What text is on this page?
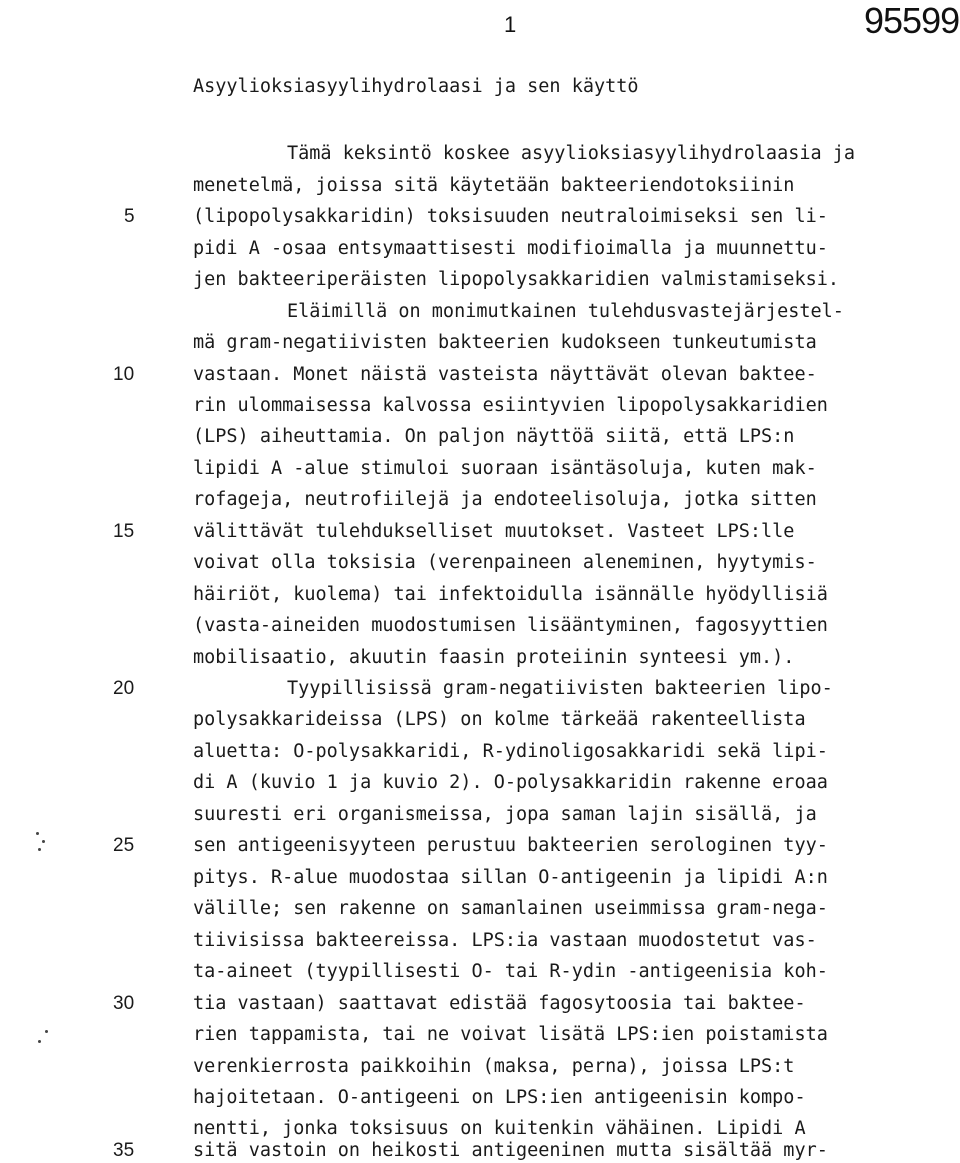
1	95599
Asyylioksiasyylihydrolaasi ja sen käyttö
Tämä keksintö koskee asyylioksiasyylihydrolaasia ja
menetelmä, joissa sitä käytetään bakteeriendotoksiinin
(lipopolysakkaridin) toksisuuden neutraloimiseksi sen li-
pidi A -osaa entsymaattisesti modifioimalla ja muunnettu-
jen bakteeriperäisten lipopolysakkaridien valmistamiseksi.
Eläimillä on monimutkainen tulehdusvastejärjestel-
mä gram-negatiivisten bakteerien kudokseen tunkeutumista
vastaan. Monet näistä vasteista näyttävät olevan baktee-
rin ulommaisessa kalvossa esiintyvien lipopolysakkaridien
(LPS) aiheuttamia. On paljon näyttöä siitä, että LPS:n
lipidi A -alue stimuloi suoraan isäntäsoluja, kuten mak-
rofageja, neutrofiilejä ja endoteelisoluja, jotka sitten
välittävät tulehdukselliset muutokset. Vasteet LPS:lle
voivat olla toksisia (verenpaineen aleneminen, hyytymis-
häiriöt, kuolema) tai infektoidulla isännälle hyödyllisiä
(vasta-aineiden muodostumisen lisääntyminen, fagosyyttien
mobilisaatio, akuutin faasin proteiinin synteesi ym.).
Tyypillisissä gram-negatiivisten bakteerien lipo-
polysakkarideissa (LPS) on kolme tärkeää rakenteellista
aluetta: O-polysakkaridi, R-ydinoligosakkaridi sekä lipi-
di A (kuvio 1 ja kuvio 2). O-polysakkaridin rakenne eroaa
suuresti eri organismeissa, jopa saman lajin sisällä, ja
sen antigeenisyyteen perustuu bakteerien serologinen tyy-
pitys. R-alue muodostaa sillan O-antigeenin ja lipidi A:n
välille; sen rakenne on samanlainen useimmissa gram-nega-
tiivisissa bakteereissa. LPS:ia vastaan muodostetut vas-
ta-aineet (tyypillisesti O- tai R-ydin -antigeenisia koh-
tia vastaan) saattavat edistää fagosytoosia tai baktee-
rien tappamista, tai ne voivat lisätä LPS:ien poistamista
verenkierrosta paikkoihin (maksa, perna), joissa LPS:t
hajoitetaan. O-antigeeni on LPS:ien antigeenisin kompo-
nentti, jonka toksisuus on kuitenkin vähäinen. Lipidi A
sitä vastoin on heikosti antigeeninen mutta sisältää myr-
5
10
15
20
25
30
35
